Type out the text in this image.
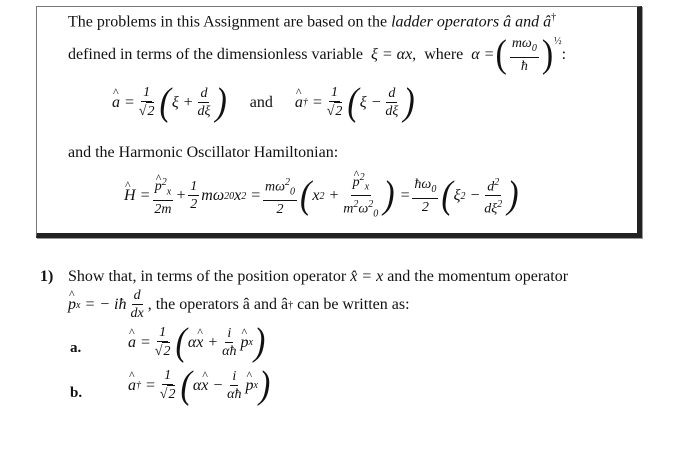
The problems in this Assignment are based on the ladder operators â and â†
defined in terms of the dimensionless variable ξ = αx, where α = ( $\frac{m\omega_0}{ħ}$ ) ½
:
a ^ = $\frac{1}{√2}$ ( $\xi + \frac{d}{d\xi}$ ) and a ^ † = $\frac{1}{√2}$ ( $\xi - \frac{d}{d\xi}$ )
and the Harmonic Oscillator Hamiltonian:
H ^ = $\frac{p \^{}^2_x}{2m} + \frac{1}{2}$ mω 2 0 x $2 = \frac{m\omega^2_0}{2}$ ( x $2 + \frac{p \^{}^2_x}{m^2\omega^2_0}$ ) = $\frac{ħ\omega_0}{2}$ ( ξ $2 - \frac{d^2}{d\xi^2}$ )
1) Show that, in terms of the position operator x̂ = x and the momentum operator
p ^ x = − iħ $\frac{d}{dx}$ , the operators â and â †
can be written as:
a.	a ^ = $\frac{1}{√2}$ ( α x ^ + $\frac{i}{\alpha ħ}$ p ^ x )
b.	a ^ † = $\frac{1}{√2}$ ( α x ^ − $\frac{i}{\alpha ħ}$ p ^ x )
